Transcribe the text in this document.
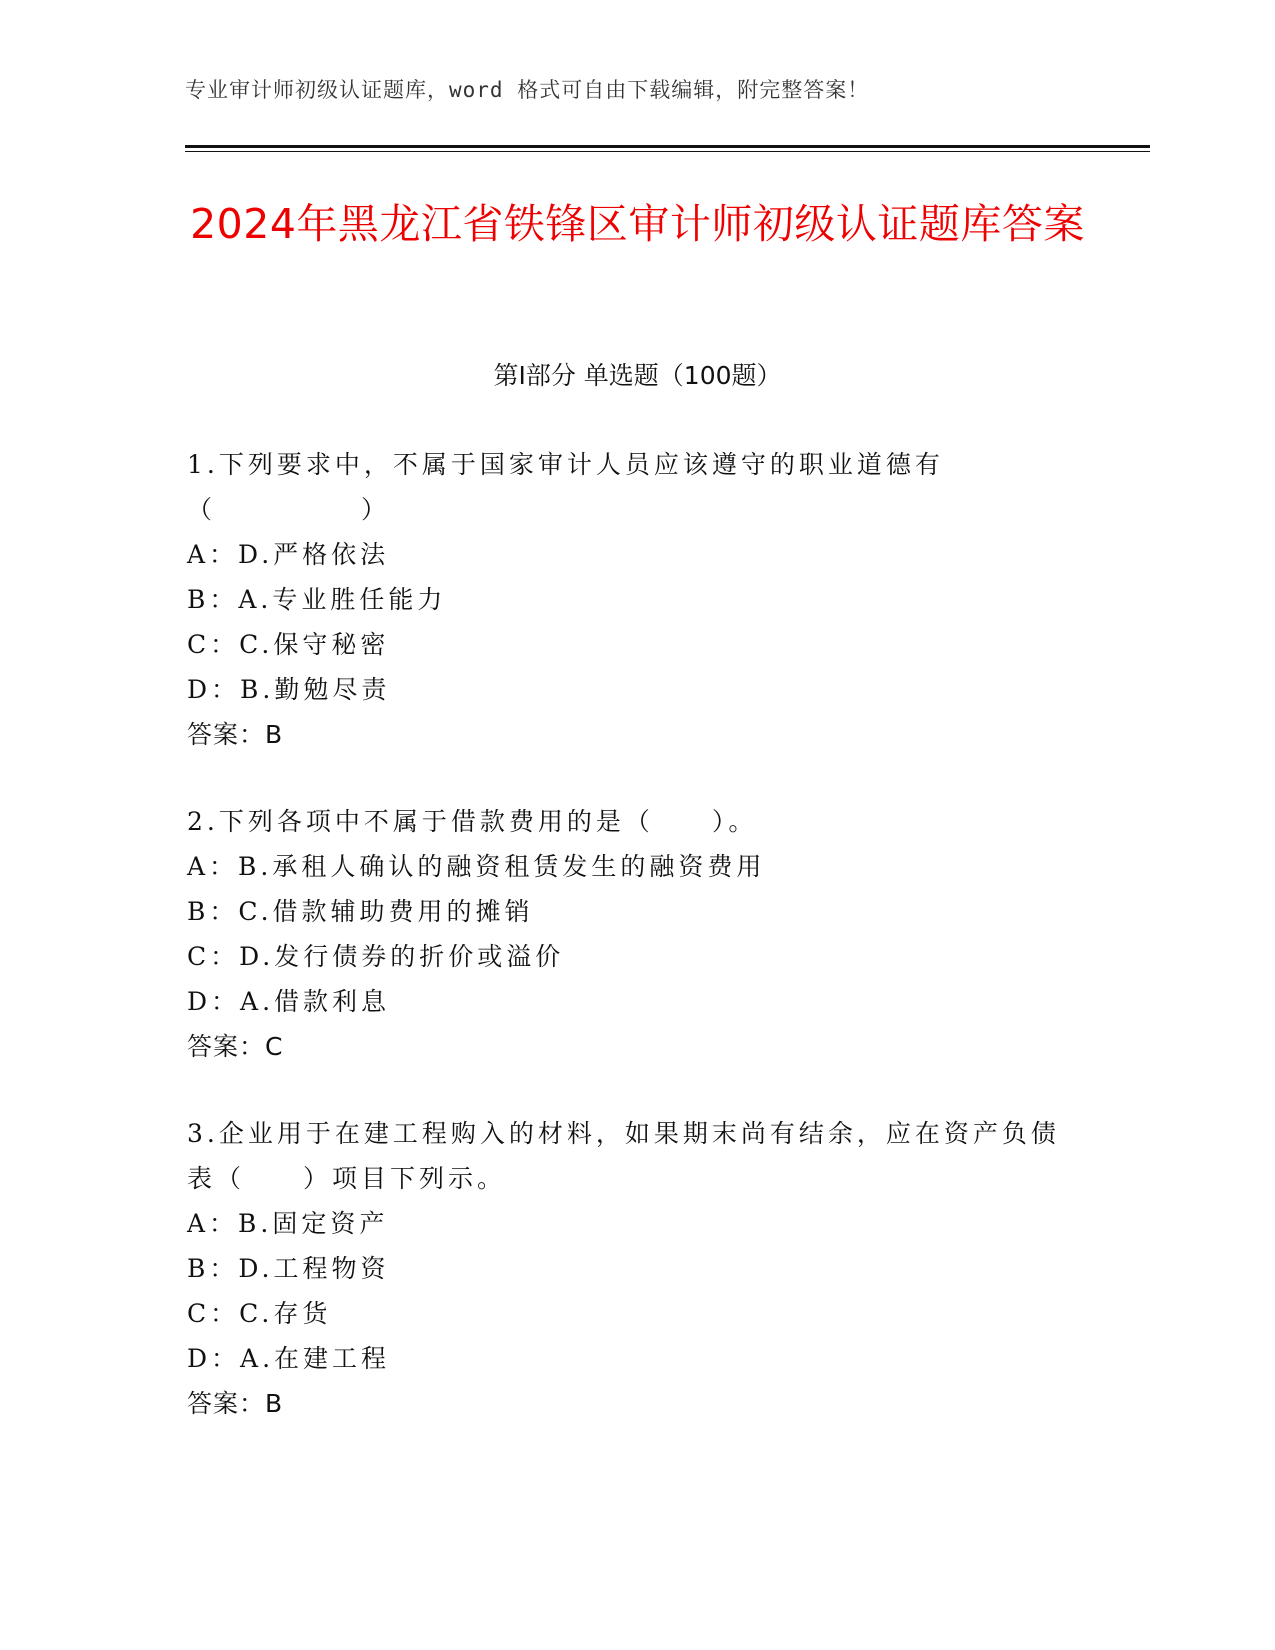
专业审计师初级认证题库，word 格式可自由下载编辑，附完整答案！
2024年黑龙江省铁锋区审计师初级认证题库答案
第Ⅰ部分 单选题（100题）
1.下列要求中，不属于国家审计人员应该遵守的职业道德有（　　　　　）
A：D.严格依法
B：A.专业胜任能力
C：C.保守秘密
D：B.勤勉尽责
答案：B
2.下列各项中不属于借款费用的是（　　）。
A：B.承租人确认的融资租赁发生的融资费用
B：C.借款辅助费用的摊销
C：D.发行债券的折价或溢价
D：A.借款利息
答案：C
3.企业用于在建工程购入的材料，如果期末尚有结余，应在资产负债表（　　）项目下列示。
A：B.固定资产
B：D.工程物资
C：C.存货
D：A.在建工程
答案：B
